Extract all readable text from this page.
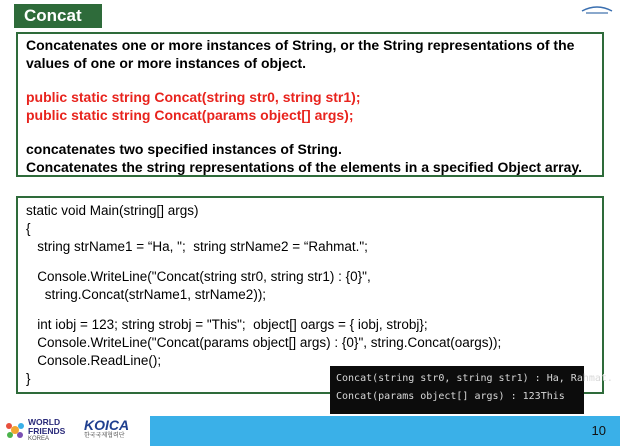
Concat

Concatenates one or more instances of String, or the String representations of the

values of one or more instances of object.

public static string Concat(string str0, string str1);

public static string Concat(params object[] args);

concatenates two specified instances of String.

Concatenates the string representations of the elements in a specified Object array.

static void Main(string[] args)
{
string strName1 = “Ha, ";  string strName2 = “Rahmat.";
Console.WriteLine("Concat(string str0, string str1) : {0}",
string.Concat(strName1, strName2));
int iobj = 123; string strobj = "This";  object[] oargs = { iobj, strobj};
Console.WriteLine("Concat(params object[] args) : {0}", string.Concat(oargs));
Console.ReadLine();
}	Concat(string str0, string str1) : Ha, Rahmat.
Concat(params object[] args) : 123This
WORLD
FRIENDS
KOREA
KOICA
한국국제협력단	10
